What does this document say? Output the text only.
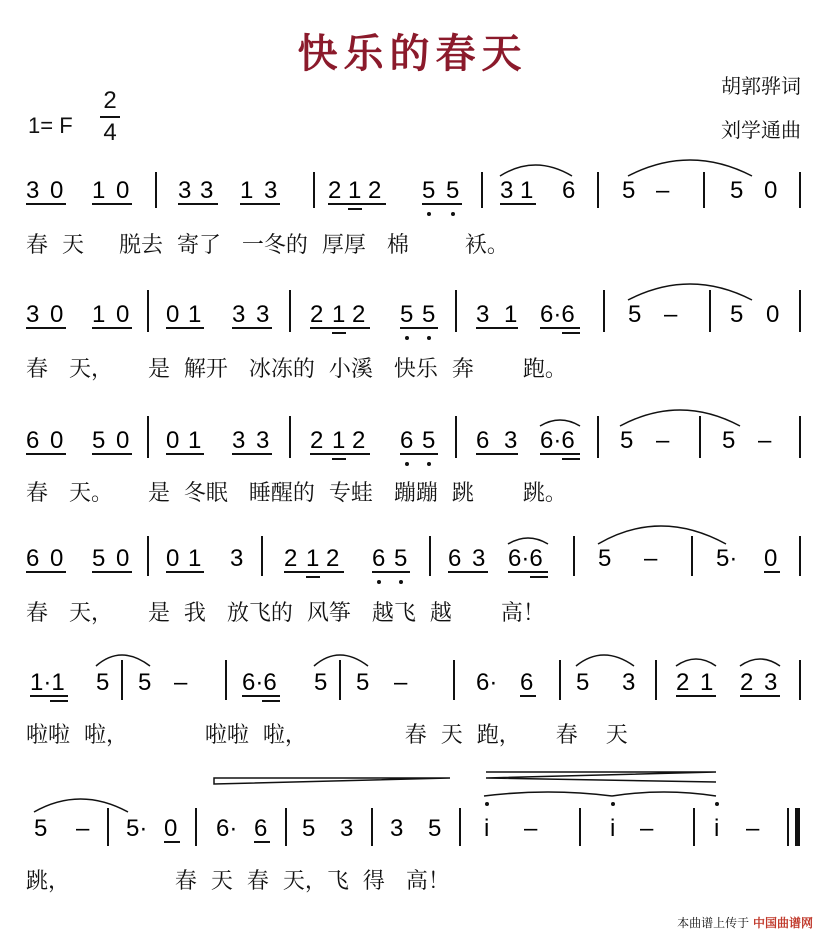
快乐的春天
胡郭骅词
刘学通曲
1= F
2
4
3 0 1 0 3 3 1 3 2 1 2 5 5 3 1 6 5 –	5 0
春  天     脱去  寄了   一冬的  厚厚   棉        袄。
3 0 1 0 0 1 3 3 2 1 2 5 5 3 1 6·6 5 – 5 0
春   天，     是  解开   冰冻的  小溪   快乐  奔       跑。
6 0 5 0 0 1 3 3 2 1 2 6 5 6 3 6·6 5 – 5 –
春   天。     是  冬眠   睡醒的  专蛙   蹦蹦  跳       跳。
6 0 5 0 0 1 3 2 1 2 6 5 6 3 6·6 5 – 5· 0
春   天，     是  我   放飞的  风筝   越飞  越       高！
1·1 5 5 – 6·6 5 5 –	6· 6 5 3 2 1 2 3
啦啦  啦，           啦啦  啦，              春  天  跑，     春    天
5 – 5· 0 6· 6 5 3 3 5 i –	i –	i –
跳，               春  天  春  天，飞  得   高！
本曲谱上传于 中国曲谱网
